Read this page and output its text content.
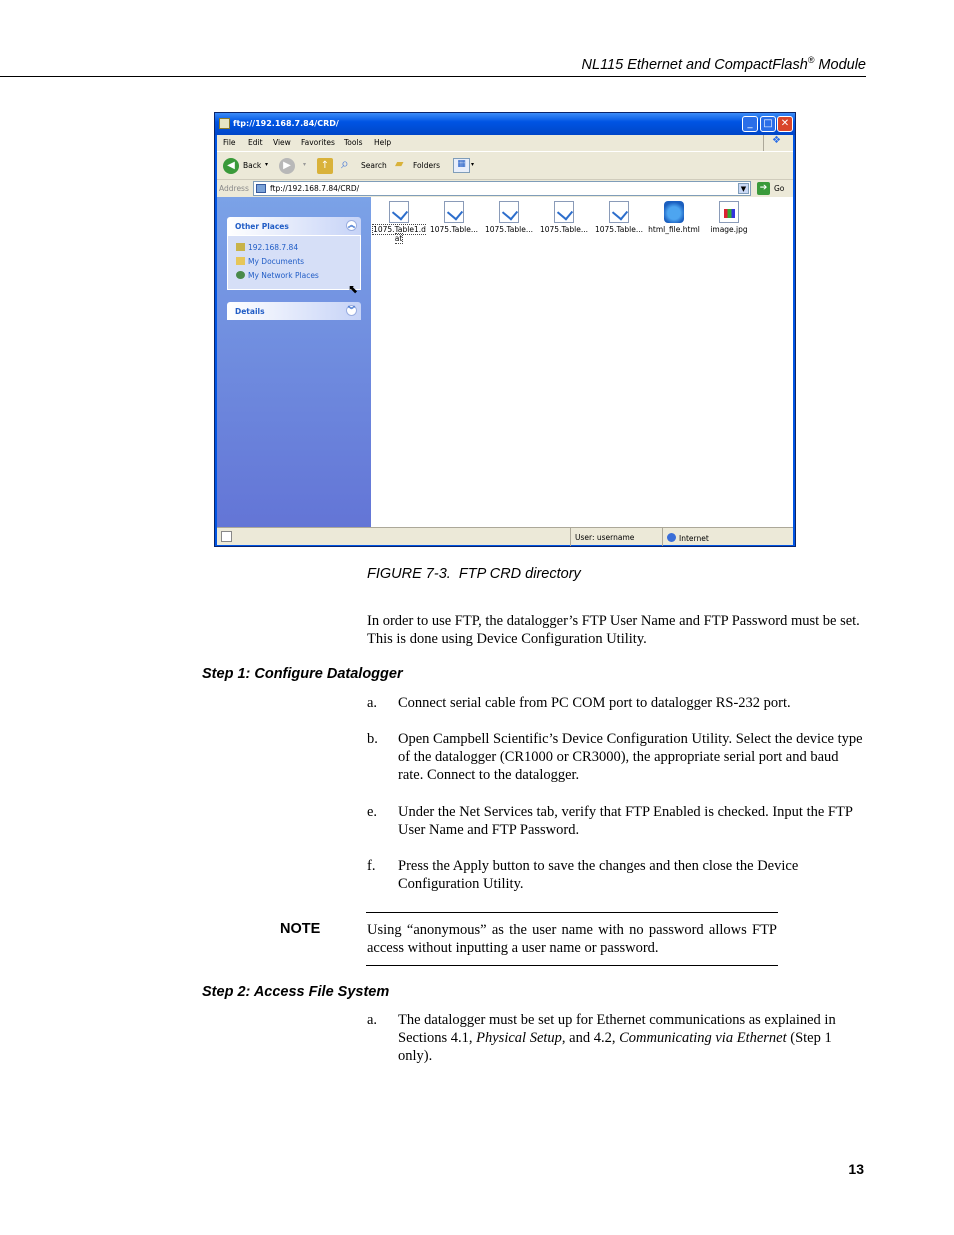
NL115 Ethernet and CompactFlash® Module
ftp://192.168.7.84/CRD/	_	□ ✕
File Edit View Favorites Tools Help	❖
◀	Back ▾	▶	▾	↑ ⌕ Search ▰ Folders	▦ ▾
Address	ftp://192.168.7.84/CRD/	▼	➔ Go
Other Places	︽
192.168.7.84
My Documents
My Network Places
⬉
Details	︾
1075.Table1.d at
1075.Table... 1075.Table... 1075.Table... 1075.Table... html_file.html	image.jpg
User: username	Internet
FIGURE 7-3.  FTP CRD directory

In order to use FTP, the datalogger’s FTP User Name and FTP Password must be set. This is done using Device Configuration Utility.

Step 1: Configure Datalogger
a. Connect serial cable from PC COM port to datalogger RS-232 port.
b. Open Campbell Scientific’s Device Configuration Utility. Select the device type of the datalogger (CR1000 or CR3000), the appropriate serial port and baud rate. Connect to the datalogger.
e. Under the Net Services tab, verify that FTP Enabled is checked. Input the FTP User Name and FTP Password.
f. Press the Apply button to save the changes and then close the Device Configuration Utility.
NOTE	Using “anonymous” as the user name with no password allows FTP access without inputting a user name or password.

Step 2: Access File System
a. The datalogger must be set up for Ethernet communications as explained in Sections 4.1, Physical Setup, and 4.2, Communicating via Ethernet (Step 1 only).
13
